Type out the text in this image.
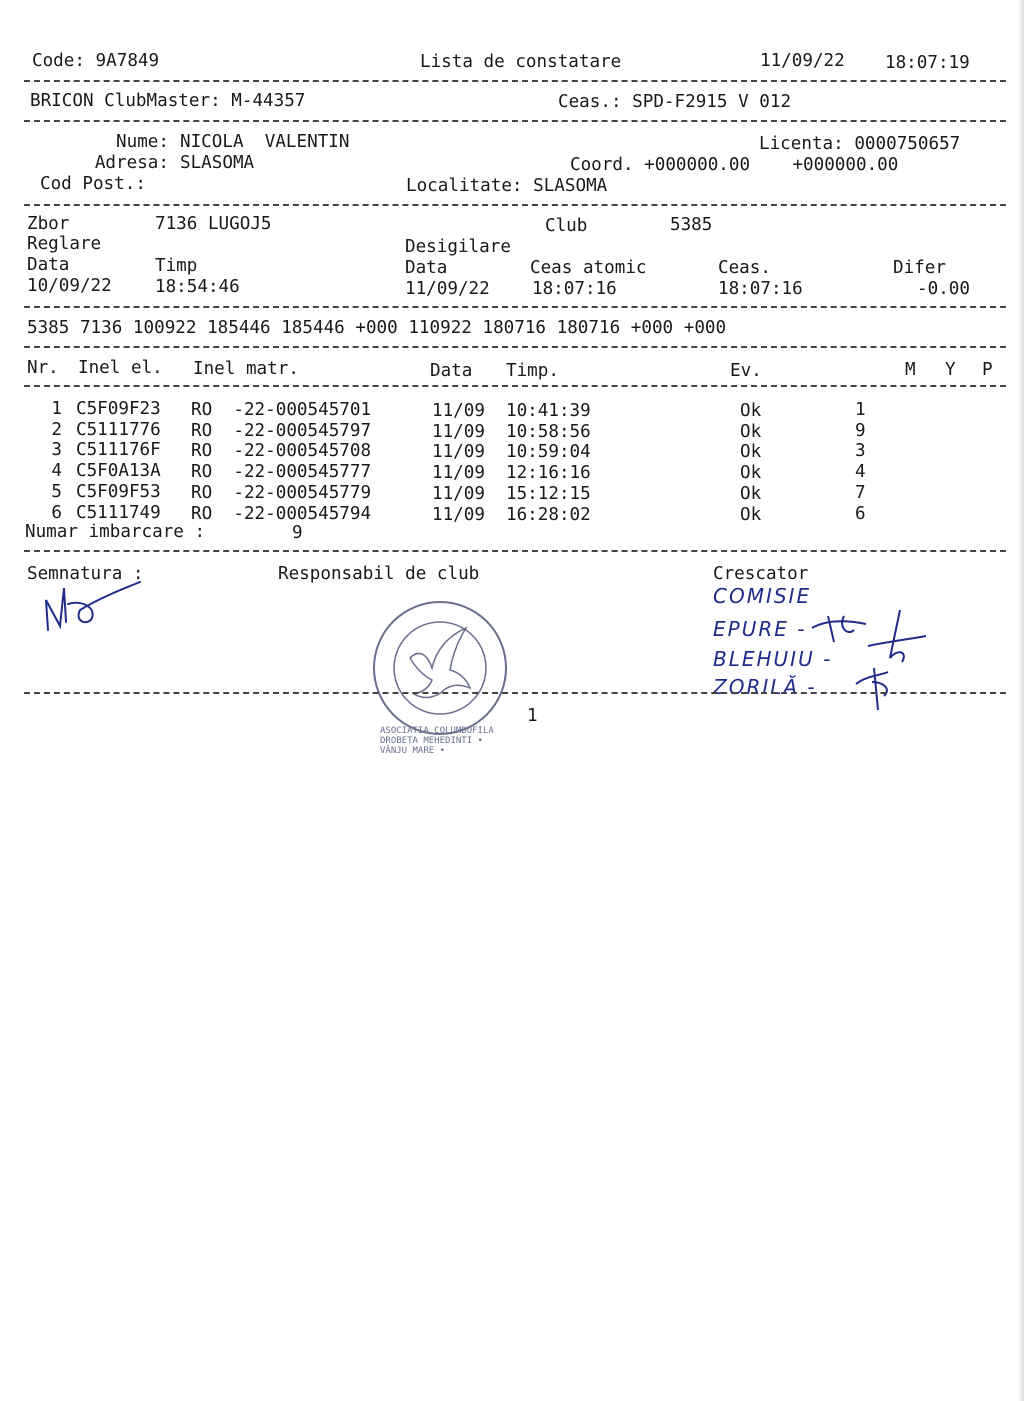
Code: 9A7849	Lista de constatare	11/09/22 18:07:19
BRICON ClubMaster: M-44357	Ceas.: SPD-F2915 V 012
Nume: NICOLA  VALENTIN	Licenta: 0000750657
Adresa: SLASOMA	Coord. +000000.00    +000000.00
Cod Post.:	Localitate: SLASOMA
Zbor	7136 LUGOJ5	Club	5385
Reglare	Desigilare
Data	Timp	Data	Ceas atomic	Ceas.	Difer
10/09/22 18:54:46	11/09/22 18:07:16	18:07:16	-0.00
5385 7136 100922 185446 185446 +000 110922 180716 180716 +000 +000
Nr. Inel el. Inel matr.	Data Timp.	Ev.	M Y P
1 C5F09F23 RO  -22-000545701	11/09 10:41:39	Ok	1
2 C5111776 RO  -22-000545797	11/09 10:58:56	Ok	9
3 C511176F RO  -22-000545708	11/09 10:59:04	Ok	3
4 C5F0A13A RO  -22-000545777	11/09 12:16:16	Ok	4
5 C5F09F53 RO  -22-000545779	11/09 15:12:15	Ok	7
6 C5111749 RO  -22-000545794	11/09 16:28:02	Ok	6
Numar imbarcare :	9
Semnatura :	Responsabil de club	Crescator
ASOCIATIA COLUMBOFILA DROBETA MEHEDINTI • VÂNJU MARE •
COMISIE
EPURE -
BLEHUIU -
ZORILĂ -
1
